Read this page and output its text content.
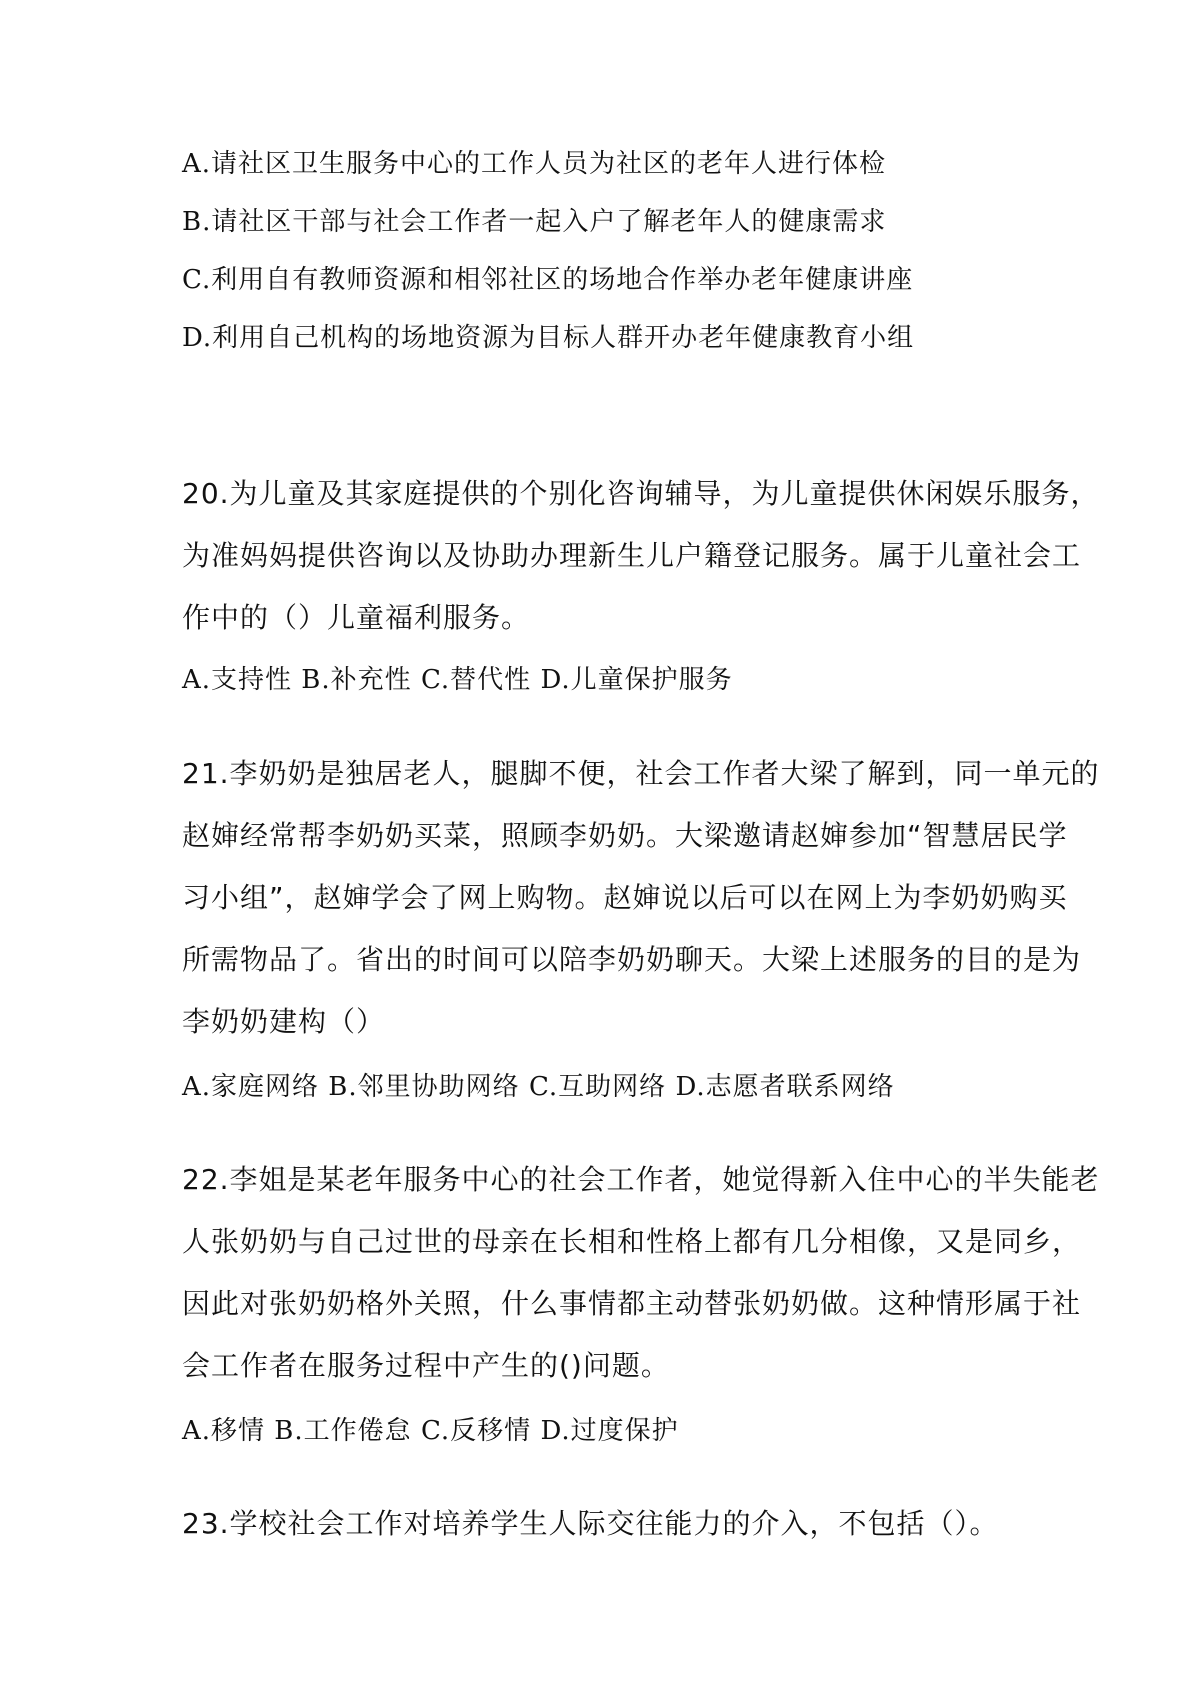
A.请社区卫生服务中心的工作人员为社区的老年人进行体检

B.请社区干部与社会工作者一起入户了解老年人的健康需求

C.利用自有教师资源和相邻社区的场地合作举办老年健康讲座

D.利用自己机构的场地资源为目标人群开办老年健康教育小组

20.为儿童及其家庭提供的个别化咨询辅导，为儿童提供休闲娱乐服务，

为准妈妈提供咨询以及协助办理新生儿户籍登记服务。属于儿童社会工

作中的（）儿童福利服务。

A.支持性 B.补充性 C.替代性 D.儿童保护服务

21.李奶奶是独居老人，腿脚不便，社会工作者大梁了解到，同一单元的

赵婶经常帮李奶奶买菜，照顾李奶奶。大梁邀请赵婶参加“智慧居民学

习小组”，赵婶学会了网上购物。赵婶说以后可以在网上为李奶奶购买

所需物品了。省出的时间可以陪李奶奶聊天。大梁上述服务的目的是为

李奶奶建构（）

A.家庭网络 B.邻里协助网络 C.互助网络 D.志愿者联系网络

22.李姐是某老年服务中心的社会工作者，她觉得新入住中心的半失能老

人张奶奶与自己过世的母亲在长相和性格上都有几分相像，又是同乡，

因此对张奶奶格外关照，什么事情都主动替张奶奶做。这种情形属于社

会工作者在服务过程中产生的()问题。

A.移情 B.工作倦怠 C.反移情 D.过度保护

23.学校社会工作对培养学生人际交往能力的介入，不包括（）。
